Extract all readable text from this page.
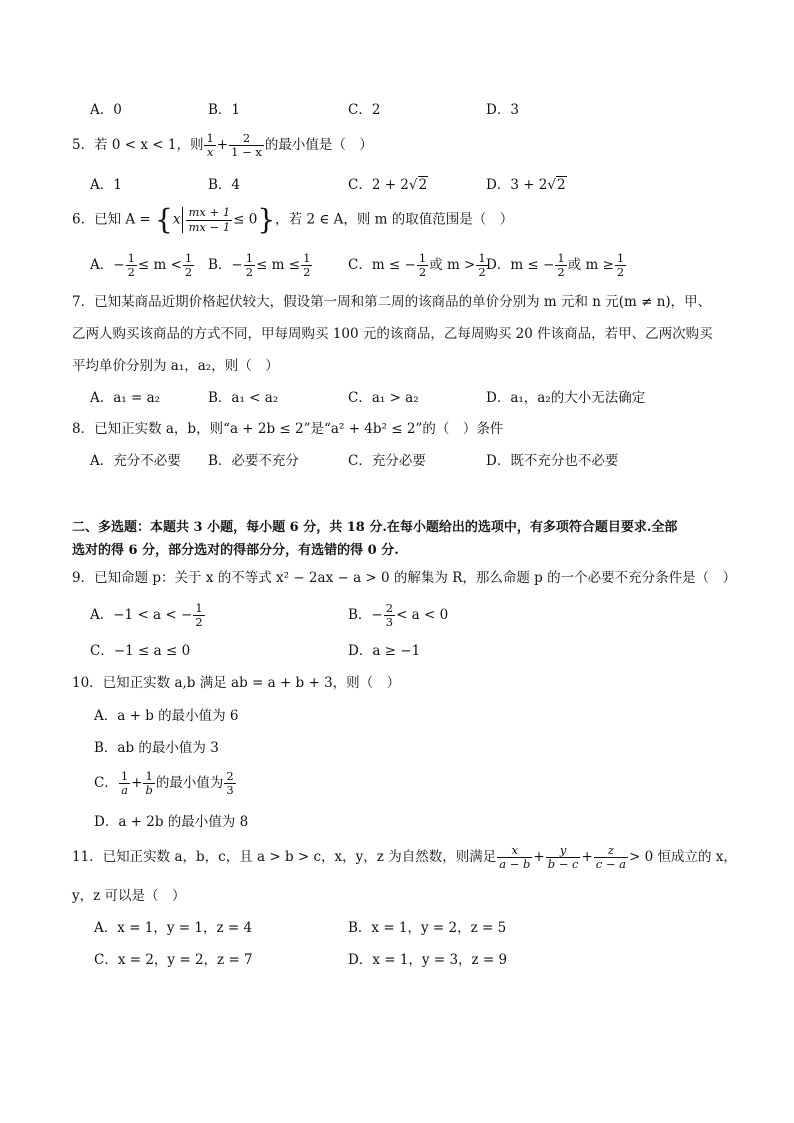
A．0	B．1	C．2	D．3
5．若 0 < x < 1，则 $\frac{1}{x} + \frac{2}{1 - x}$ 的最小值是（　）
A．1	B．4	C．2 + 2√2	D．3 + 2√2
6．已知 $A = \{x \frac{mx + 1}{mx - 1} \le 0\}$，若 2 ∈ A，则 m 的取值范围是（　）
A．− $\frac{1}{2} \le m < \frac{1}{2}$ B．− $\frac{1}{2} \le m \le \frac{1}{2}$	C．m ≤ − $\frac{1}{2}$ 或 $m > \frac{1}{2}$
D．m ≤ − $\frac{1}{2}$ 或 $m \ge \frac{1}{2}$
7．已知某商品近期价格起伏较大，假设第一周和第二周的该商品的单价分别为 m 元和 n 元(m ≠ n)，甲、
乙两人购买该商品的方式不同，甲每周购买 100 元的该商品，乙每周购买 20 件该商品，若甲、乙两次购买
平均单价分别为 a₁，a₂，则（　）
A．a₁ = a₂	B．a₁ < a₂	C．a₁ > a₂	D．a₁，a₂的大小无法确定
8．已知正实数 a，b，则“a + 2b ≤ 2”是“a² + 4b² ≤ 2”的（　）条件
A．充分不必要 B．必要不充分	C．充分必要	D．既不充分也不必要
二、多选题：本题共 3 小题，每小题 6 分，共 18 分.在每小题给出的选项中，有多项符合题目要求.全部
选对的得 6 分，部分选对的得部分分，有选错的得 0 分.
9．已知命题 p：关于 x 的不等式 x² − 2ax − a > 0 的解集为 R，那么命题 p 的一个必要不充分条件是（　）
A．−1 < a < − $\frac{1}{2}$	B．− $\frac{2}{3} < a < 0$
C．−1 ≤ a ≤ 0	D．a ≥ −1
10．已知正实数 a,b 满足 ab = a + b + 3，则（　）
A．a + b 的最小值为 6
B．ab 的最小值为 3
C． $\frac{1}{a} + \frac{1}{b}$ 的最小值为 $\frac{2}{3}$
D．a + 2b 的最小值为 8
11．已知正实数 a，b，c，且 a > b > c，x，y，z 为自然数，则满足 $\frac{x}{a - b} + \frac{y}{b - c} + \frac{z}{c - a} > 0$ 恒成立的 x，
y，z 可以是（　）
A．x = 1，y = 1，z = 4	B．x = 1，y = 2，z = 5
C．x = 2，y = 2，z = 7	D．x = 1，y = 3，z = 9
